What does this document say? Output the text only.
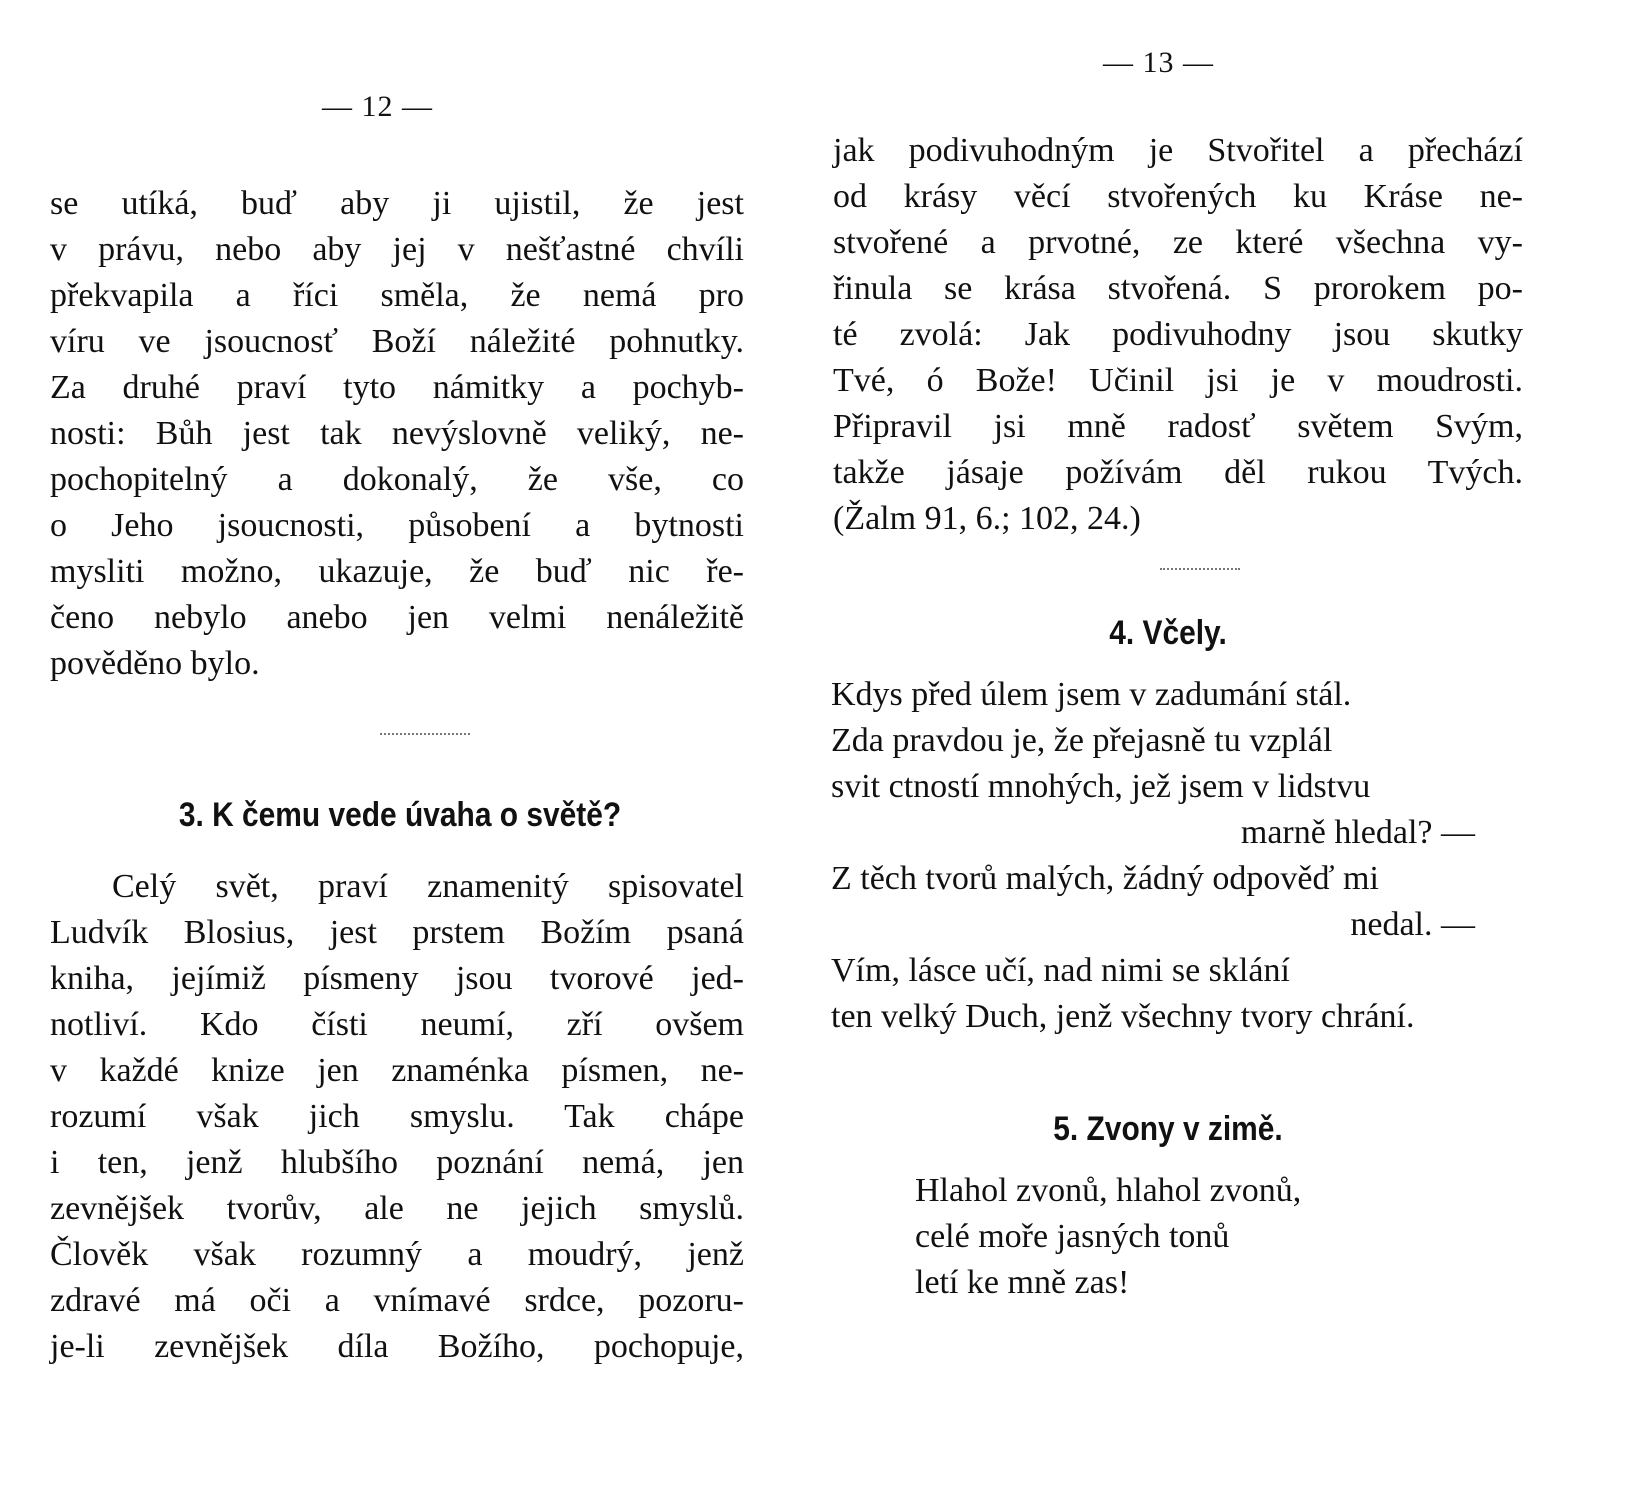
— 12 —
se utíká, buď aby ji ujistil, že jest
v právu, nebo aby jej v nešťastné chvíli
překvapila a říci směla, že nemá pro
víru ve jsoucnosť Boží náležité pohnutky.
Za druhé praví tyto námitky a pochyb-
nosti: Bůh jest tak nevýslovně veliký, ne-
pochopitelný a dokonalý, že vše, co
o Jeho jsoucnosti, působení a bytnosti
mysliti možno, ukazuje, že buď nic ře-
čeno nebylo anebo jen velmi nenáležitě
pověděno bylo.
3. K čemu vede úvaha o světě?
Celý svět, praví znamenitý spisovatel
Ludvík Blosius, jest prstem Božím psaná
kniha, jejímiž písmeny jsou tvorové jed-
notliví. Kdo čísti neumí, zří ovšem
v každé knize jen znaménka písmen, ne-
rozumí však jich smyslu. Tak chápe
i ten, jenž hlubšího poznání nemá, jen
zevnějšek tvorův, ale ne jejich smyslů.
Člověk však rozumný a moudrý, jenž
zdravé má oči a vnímavé srdce, pozoru-
je-li zevnějšek díla Božího, pochopuje,
— 13 —
jak podivuhodným je Stvořitel a přechází
od krásy věcí stvořených ku Kráse ne-
stvořené a prvotné, ze které všechna vy-
řinula se krása stvořená. S prorokem po-
té zvolá: Jak podivuhodny jsou skutky
Tvé, ó Bože! Učinil jsi je v moudrosti.
Připravil jsi mně radosť světem Svým,
takže jásaje požívám děl rukou Tvých.
(Žalm 91, 6.; 102, 24.)
4. Včely.
Kdys před úlem jsem v zadumání stál.
Zda pravdou je, že přejasně tu vzplál
svit ctností mnohých, jež jsem v lidstvu
marně hledal? —
Z těch tvorů malých, žádný odpověď mi
nedal. —
Vím, lásce učí, nad nimi se sklání
ten velký Duch, jenž všechny tvory chrání.
5. Zvony v zimě.
Hlahol zvonů, hlahol zvonů,
celé moře jasných tonů
letí ke mně zas!
